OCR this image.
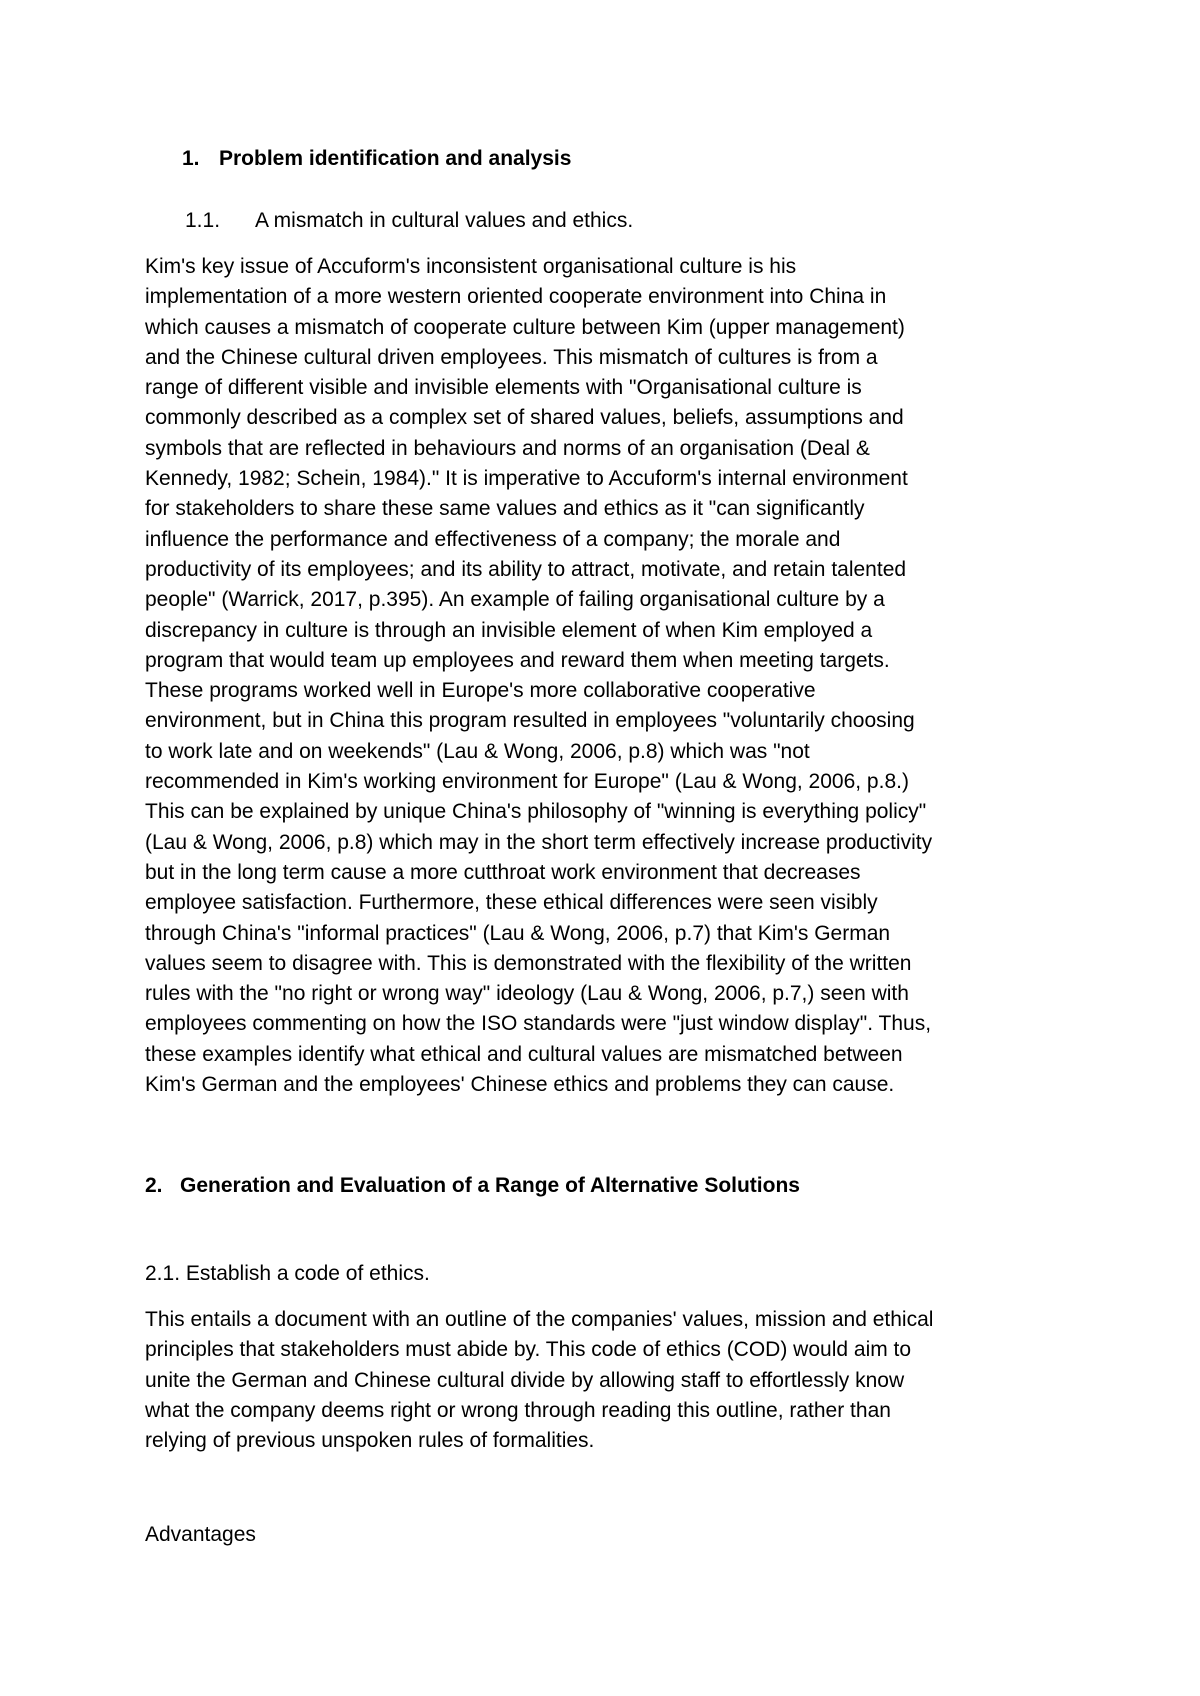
1. Problem identification and analysis
1.1. A mismatch in cultural values and ethics.

Kim's key issue of Accuform's inconsistent organisational culture is his
implementation of a more western oriented cooperate environment into China in
which causes a mismatch of cooperate culture between Kim (upper management)
and the Chinese cultural driven employees. This mismatch of cultures is from a
range of different visible and invisible elements with "Organisational culture is
commonly described as a complex set of shared values, beliefs, assumptions and
symbols that are reflected in behaviours and norms of an organisation (Deal &
Kennedy, 1982; Schein, 1984)." It is imperative to Accuform's internal environment
for stakeholders to share these same values and ethics as it "can significantly
influence the performance and effectiveness of a company; the morale and
productivity of its employees; and its ability to attract, motivate, and retain talented
people" (Warrick, 2017, p.395). An example of failing organisational culture by a
discrepancy in culture is through an invisible element of when Kim employed a
program that would team up employees and reward them when meeting targets.
These programs worked well in Europe's more collaborative cooperative
environment, but in China this program resulted in employees "voluntarily choosing
to work late and on weekends" (Lau & Wong, 2006, p.8) which was "not
recommended in Kim's working environment for Europe" (Lau & Wong, 2006, p.8.)
This can be explained by unique China's philosophy of "winning is everything policy"
(Lau & Wong, 2006, p.8) which may in the short term effectively increase productivity
but in the long term cause a more cutthroat work environment that decreases
employee satisfaction. Furthermore, these ethical differences were seen visibly
through China's "informal practices" (Lau & Wong, 2006, p.7) that Kim's German
values seem to disagree with. This is demonstrated with the flexibility of the written
rules with the "no right or wrong way" ideology (Lau & Wong, 2006, p.7,) seen with
employees commenting on how the ISO standards were "just window display". Thus,
these examples identify what ethical and cultural values are mismatched between
Kim's German and the employees' Chinese ethics and problems they can cause.

2. Generation and Evaluation of a Range of Alternative Solutions
2.1. Establish a code of ethics.

This entails a document with an outline of the companies' values, mission and ethical
principles that stakeholders must abide by. This code of ethics (COD) would aim to
unite the German and Chinese cultural divide by allowing staff to effortlessly know
what the company deems right or wrong through reading this outline, rather than
relying of previous unspoken rules of formalities.

Advantages
